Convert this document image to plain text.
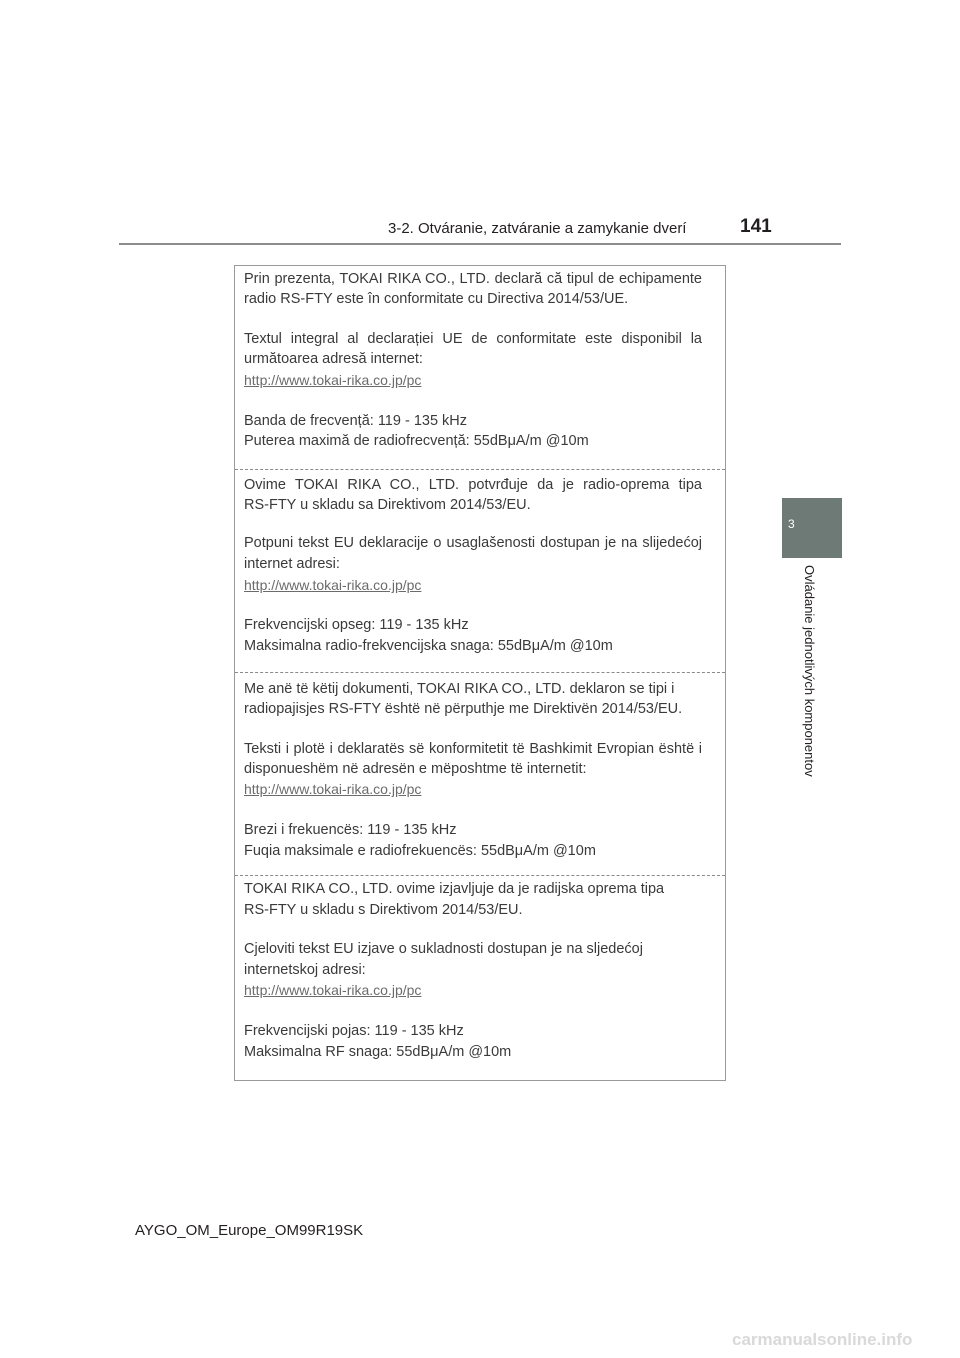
3-2. Otváranie, zatváranie a zamykanie dverí	141
3
Ovládanie jednotlivých komponentov
Prin prezenta, TOKAI RIKA CO., LTD. declară că tipul de echipamente
radio RS-FTY este în conformitate cu Directiva 2014/53/UE.
Textul integral al declarației UE de conformitate este disponibil la
următoarea adresă internet:
http://www.tokai-rika.co.jp/pc
Banda de frecvență: 119 - 135 kHz
Puterea maximă de radiofrecvență: 55dBμA/m @10m
Ovime TOKAI RIKA CO., LTD. potvrđuje da je radio-oprema tipa
RS-FTY u skladu sa Direktivom 2014/53/EU.
Potpuni tekst EU deklaracije o usaglašenosti dostupan je na slijedećoj
internet adresi:
http://www.tokai-rika.co.jp/pc
Frekvencijski opseg: 119 - 135 kHz
Maksimalna radio-frekvencijska snaga: 55dBμA/m @10m
Me anë të këtij dokumenti, TOKAI RIKA CO., LTD. deklaron se tipi i
radiopajisjes RS-FTY është në përputhje me Direktivën 2014/53/EU.
Teksti i plotë i deklaratës së konformitetit të Bashkimit Evropian është i
disponueshëm në adresën e mëposhtme të internetit:
http://www.tokai-rika.co.jp/pc
Brezi i frekuencës: 119 - 135 kHz
Fuqia maksimale e radiofrekuencës: 55dBμA/m @10m
TOKAI RIKA CO., LTD. ovime izjavljuje da je radijska oprema tipa
RS-FTY u skladu s Direktivom 2014/53/EU.
Cjeloviti tekst EU izjave o sukladnosti dostupan je na sljedećoj
internetskoj adresi:
http://www.tokai-rika.co.jp/pc
Frekvencijski pojas: 119 - 135 kHz
Maksimalna RF snaga: 55dBμA/m @10m
AYGO_OM_Europe_OM99R19SK
carmanualsonline.info
